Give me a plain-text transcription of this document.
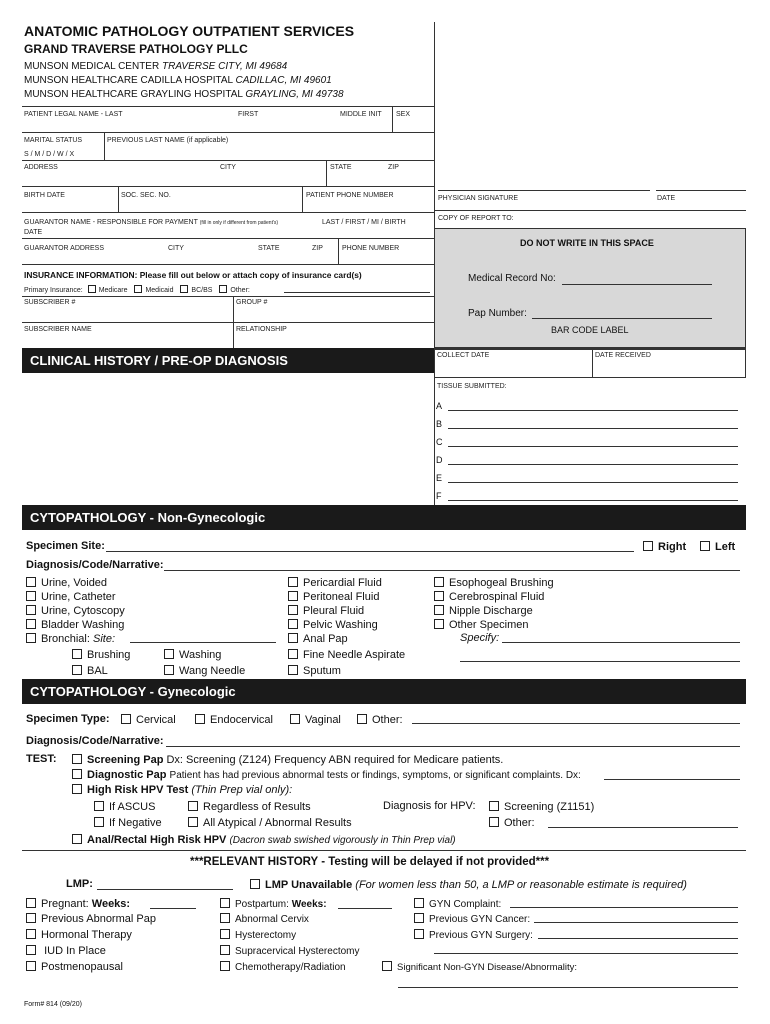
ANATOMIC PATHOLOGY OUTPATIENT SERVICES
GRAND TRAVERSE PATHOLOGY PLLC
MUNSON MEDICAL CENTER TRAVERSE CITY, MI 49684
MUNSON HEALTHCARE CADILLA HOSPITAL CADILLAC, MI 49601
MUNSON HEALTHCARE GRAYLING HOSPITAL GRAYLING, MI 49738
PATIENT LEGAL NAME - LAST	FIRST	MIDDLE INIT SEX
MARITAL STATUS
S / M / D / W / X
PREVIOUS LAST NAME (if applicable)
ADDRESS	CITY	STATE	ZIP
BIRTH DATE	SOC. SEC. NO.	PATIENT PHONE NUMBER
GUARANTOR NAME - RESPONSIBLE FOR PAYMENT (fill in only if different from patient's)	LAST / FIRST / MI / BIRTH
DATE
GUARANTOR ADDRESS	CITY	STATE	ZIP	PHONE NUMBER
INSURANCE INFORMATION: Please fill out below or attach copy of insurance card(s)
Primary Insurance: Medicare	Medicaid	BC/BS	Other:
SUBSCRIBER #	GROUP #
SUBSCRIBER NAME	RELATIONSHIP
PHYSICIAN SIGNATURE	DATE
COPY OF REPORT TO:
DO NOT WRITE IN THIS SPACE
Medical Record No:
Pap Number:
BAR CODE LABEL
COLLECT DATE	DATE RECEIVED
TISSUE SUBMITTED:
A
B
C
D
E
F
CLINICAL HISTORY / PRE-OP DIAGNOSIS
CYTOPATHOLOGY - Non-Gynecologic
Specimen Site:	Right	Left
Diagnosis/Code/Narrative:
Urine, Voided
Urine, Catheter
Urine, Cytoscopy
Bladder Washing
Bronchial: Site:
Brushing	Washing
BAL	Wang Needle
Pericardial Fluid
Peritoneal Fluid
Pleural Fluid
Pelvic Washing
Anal Pap
Fine Needle Aspirate
Sputum
Esophogeal Brushing
Cerebrospinal Fluid
Nipple Discharge
Other Specimen
Specify:
CYTOPATHOLOGY - Gynecologic
Specimen Type:	Cervical	Endocervical	Vaginal	Other:
Diagnosis/Code/Narrative:
TEST:	Screening Pap Dx: Screening (Z124) Frequency ABN required for Medicare patients.
Diagnostic Pap Patient has had previous abnormal tests or findings, symptoms, or significant complaints. Dx:
High Risk HPV Test (Thin Prep vial only):
If ASCUS	Regardless of Results
If Negative	All Atypical / Abnormal Results
Diagnosis for HPV:	Screening (Z1151)
Other:
Anal/Rectal High Risk HPV (Dacron swab swished vigorously in Thin Prep vial)
***RELEVANT HISTORY - Testing will be delayed if not provided***
LMP:	LMP Unavailable (For women less than 50, a LMP or reasonable estimate is required)
Pregnant: Weeks:
Previous Abnormal Pap
Hormonal Therapy
IUD In Place
Postmenopausal
Postpartum: Weeks:
Abnormal Cervix
Hysterectomy
Supracervical Hysterectomy
Chemotherapy/Radiation
GYN Complaint:
Previous GYN Cancer:
Previous GYN Surgery:
Significant Non-GYN Disease/Abnormality:
Form# 814 (09/20)
